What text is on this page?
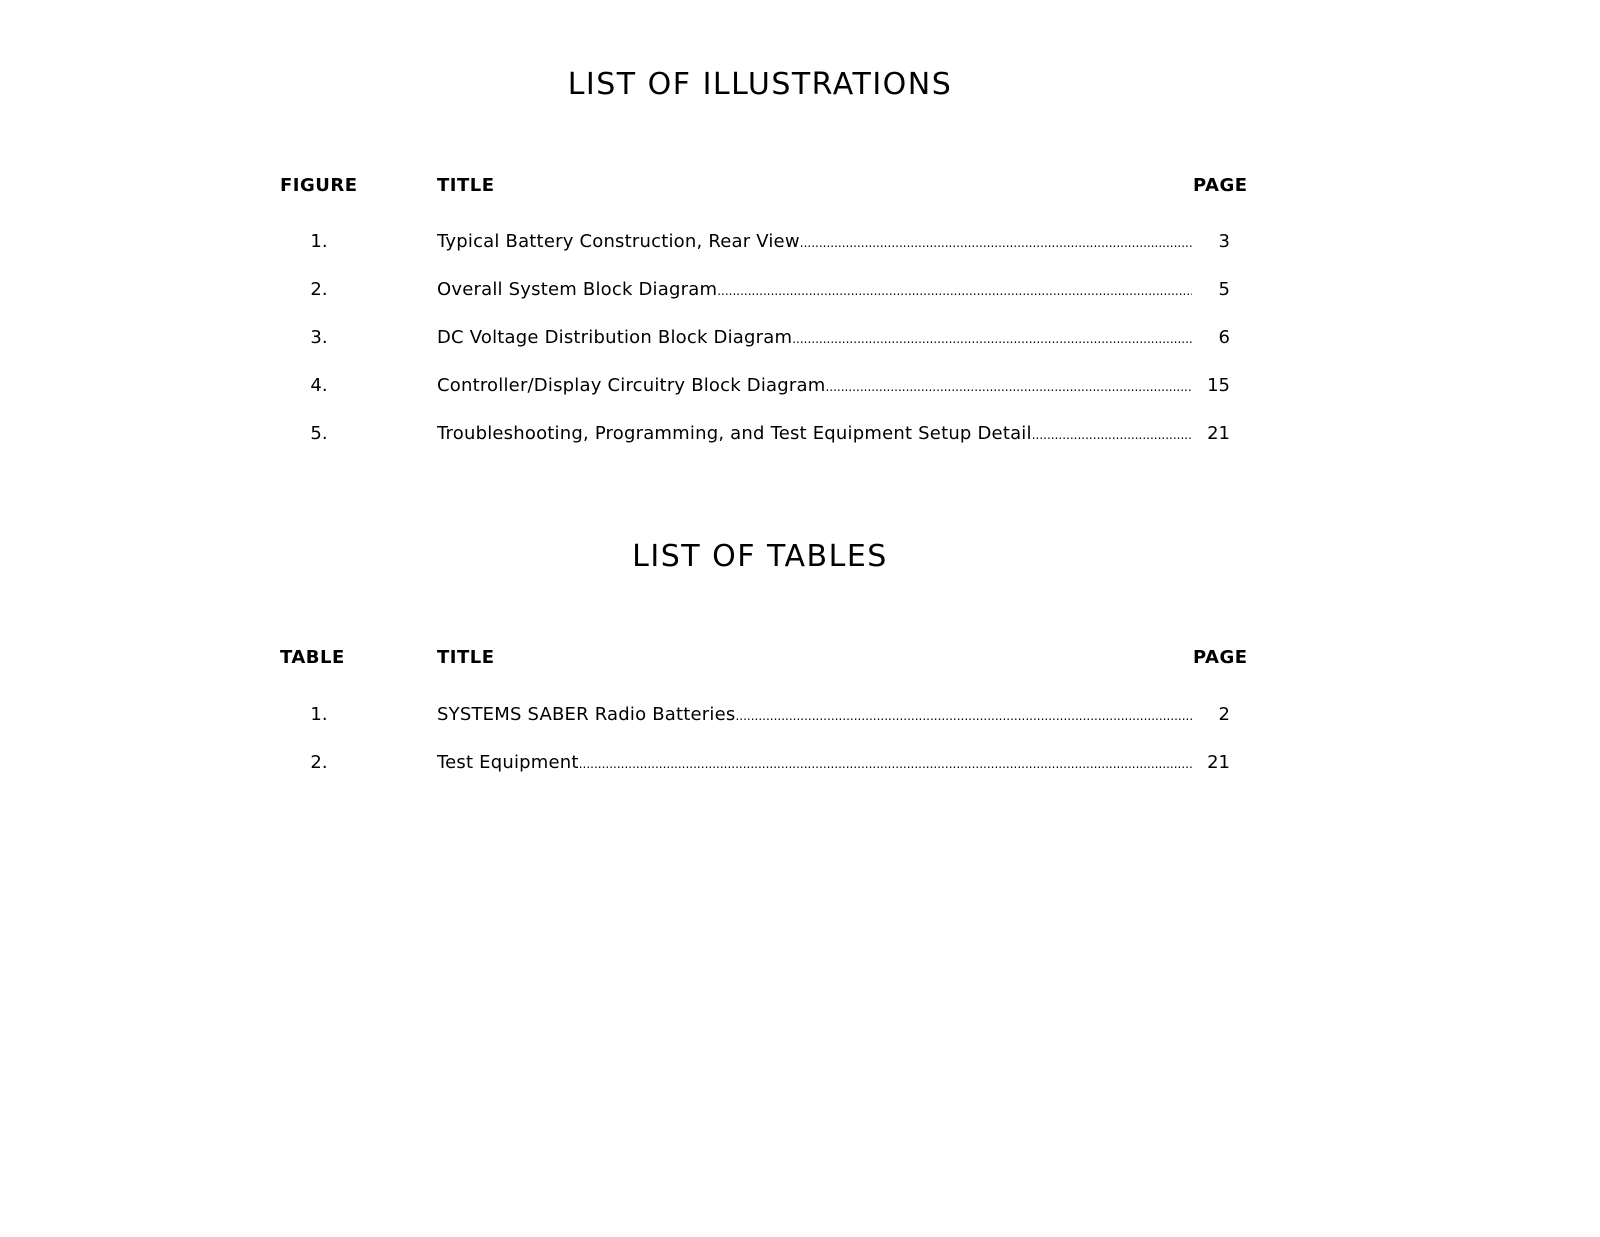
LIST OF ILLUSTRATIONS
FIGURE	TITLE	PAGE
1.	Typical Battery Construction, Rear View .....	3
2.	Overall System Block Diagram .....	5
3.	DC Voltage Distribution Block Diagram .....	6
4.	Controller/Display Circuitry Block Diagram .....	15
5.	Troubleshooting, Programming, and Test Equipment Setup Detail .....	21
LIST OF TABLES
TABLE	TITLE	PAGE
1.	SYSTEMS SABER Radio Batteries .....	2
2.	Test Equipment .....	21
